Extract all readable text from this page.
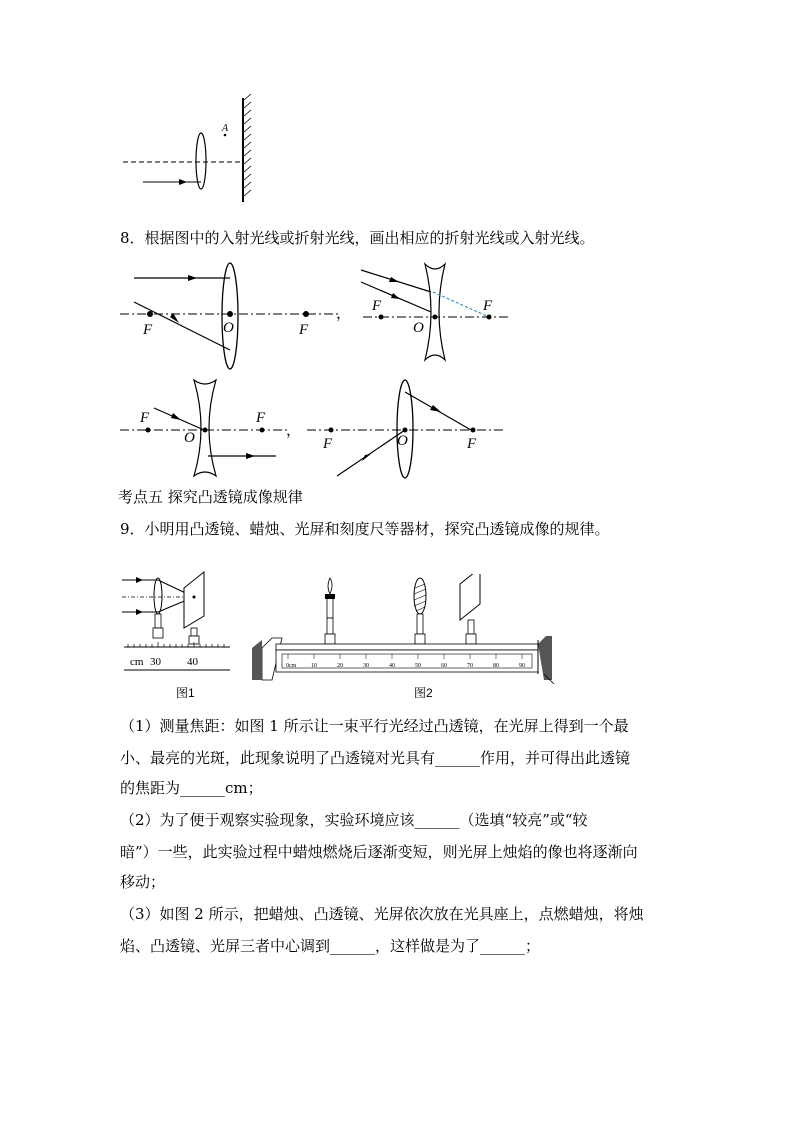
A
8．根据图中的入射光线或折射光线，画出相应的折射光线或入射光线。
F	O	F
， F
O
F
F
O
F
，
F	O	F
考点五 探究凸透镜成像规律
9．小明用凸透镜、蜡烛、光屏和刻度尺等器材，探究凸透镜成像的规律。
cm 30 40
图1
0cm 10	20	30	40	50	60	70	80	90
图2
（1）测量焦距：如图 1 所示让一束平行光经过凸透镜，在光屏上得到一个最
小、最亮的光斑，此现象说明了凸透镜对光具有______作用，并可得出此透镜
的焦距为______cm；
（2）为了便于观察实验现象，实验环境应该______（选填“较亮”或“较
暗”）一些，此实验过程中蜡烛燃烧后逐渐变短，则光屏上烛焰的像也将逐渐向
移动；
（3）如图 2 所示，把蜡烛、凸透镜、光屏依次放在光具座上，点燃蜡烛，将烛
焰、凸透镜、光屏三者中心调到______，这样做是为了______；
